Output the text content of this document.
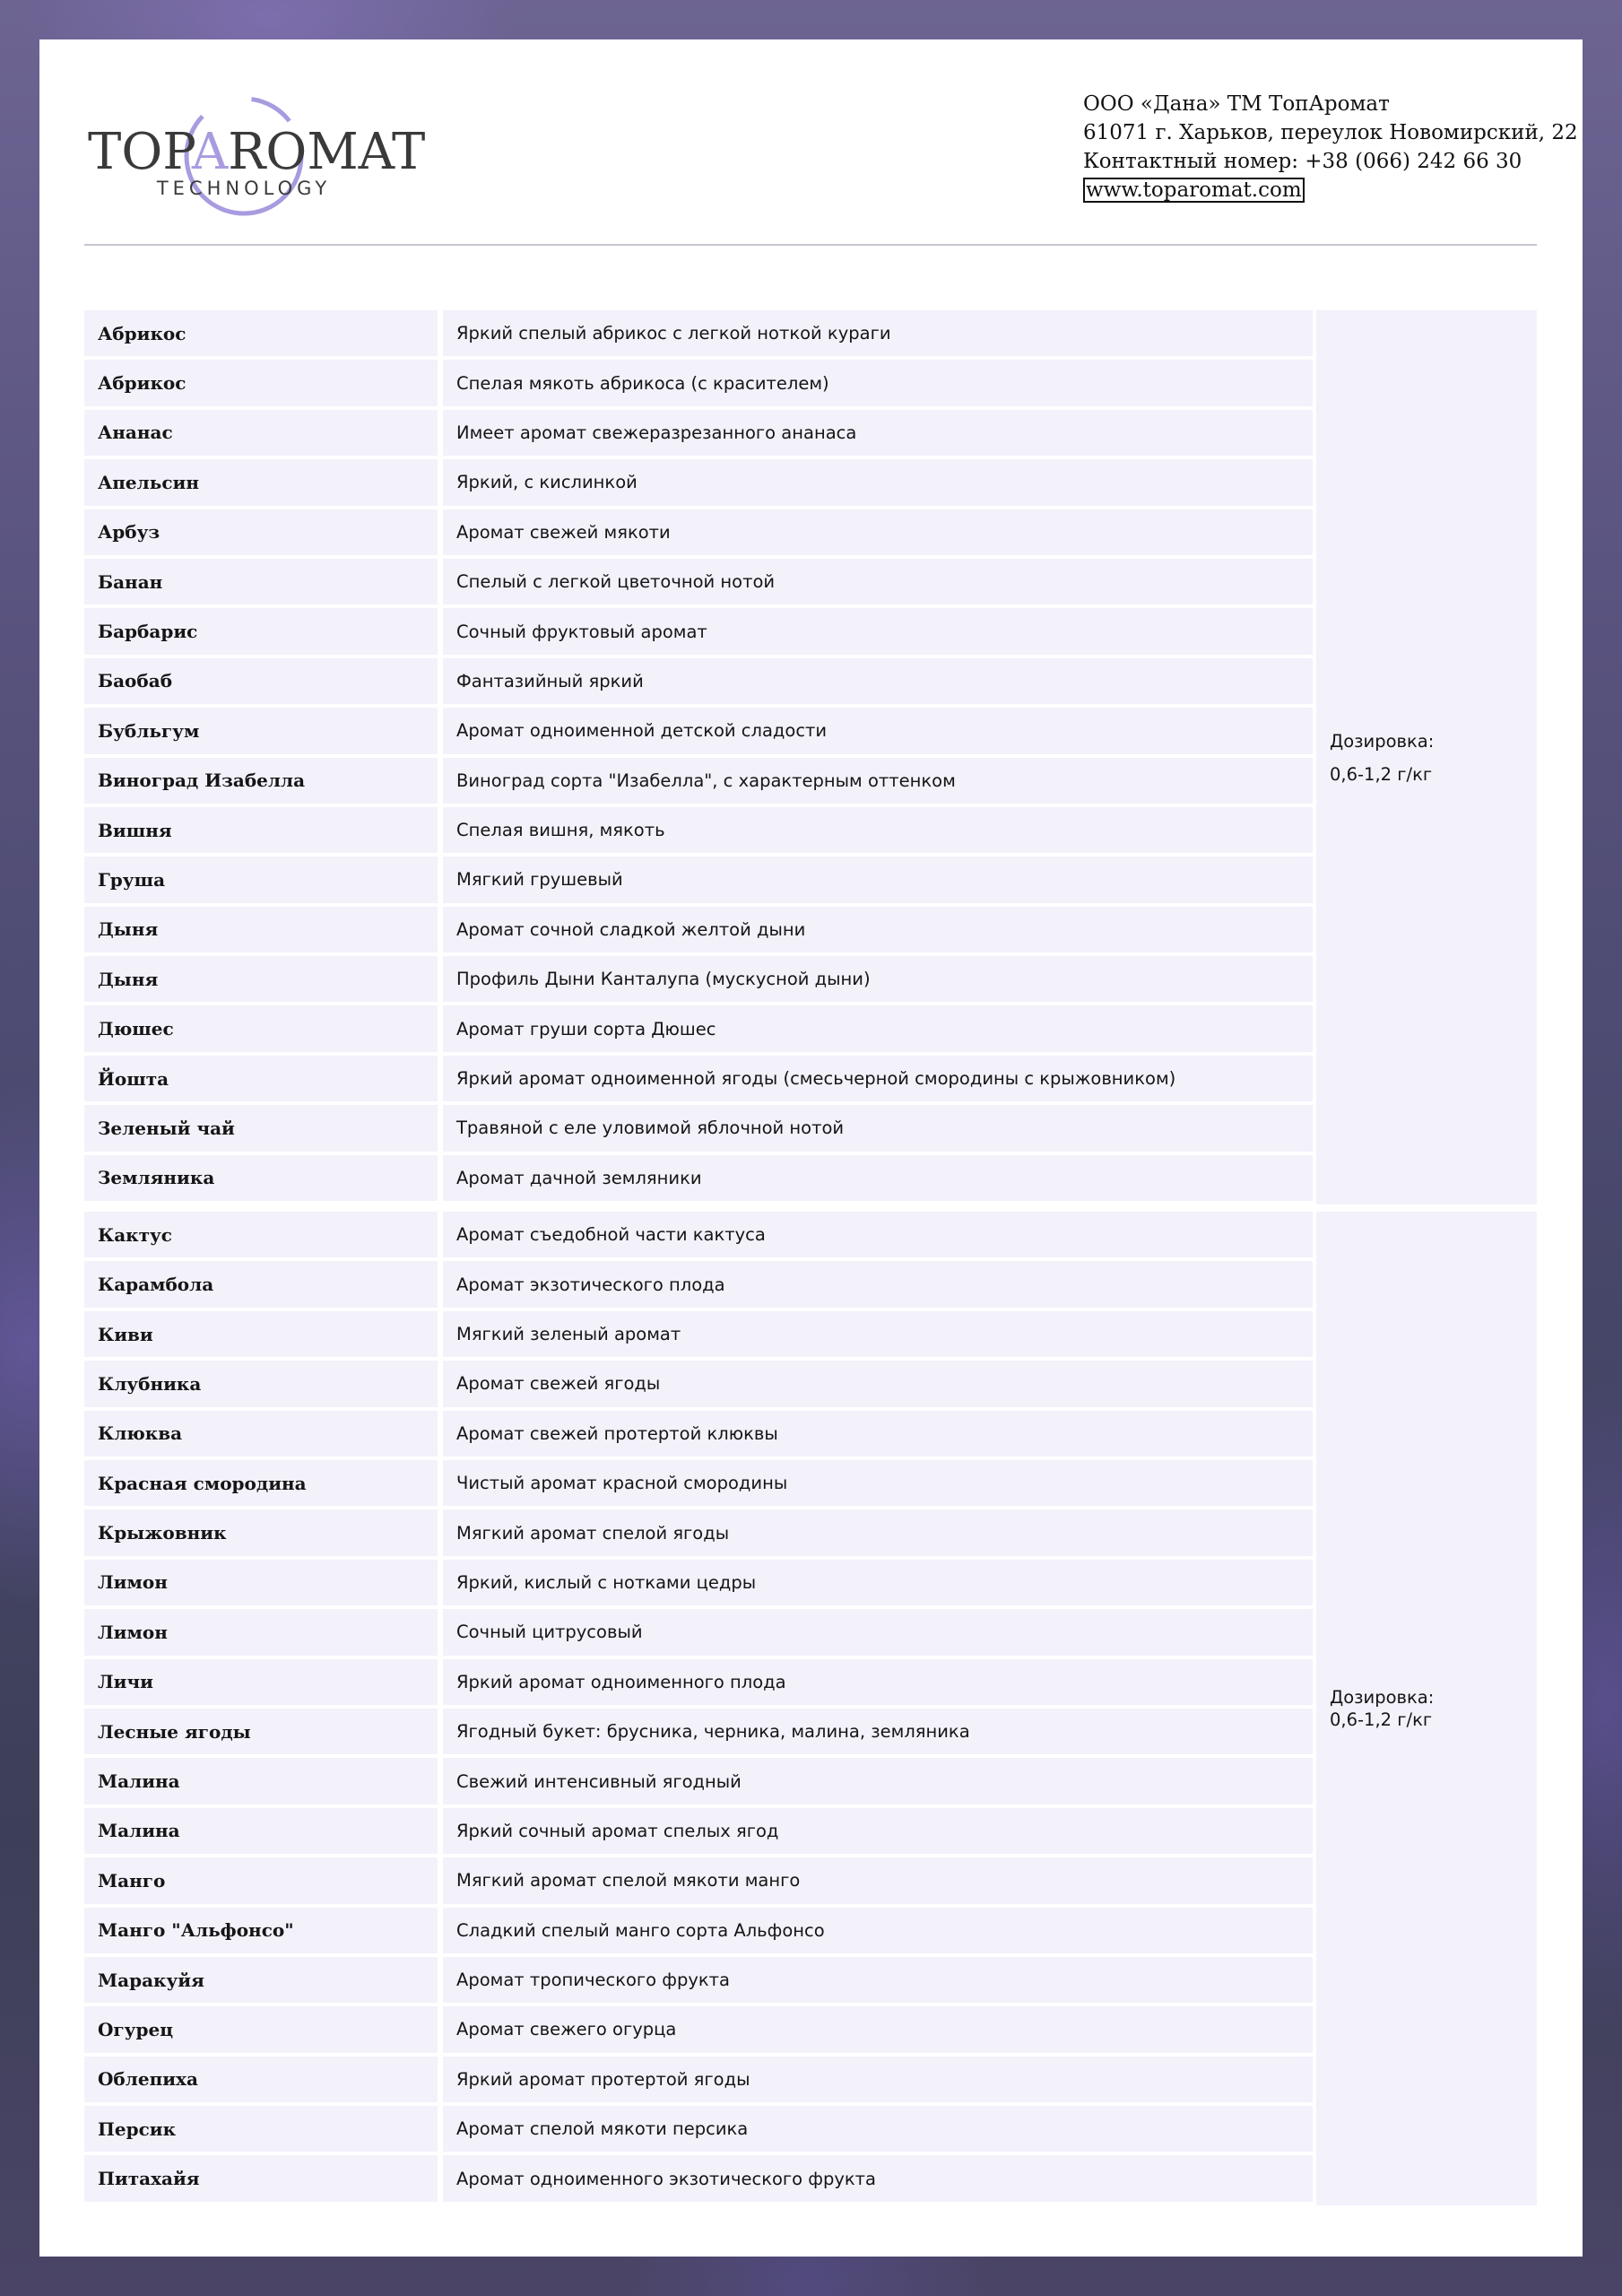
TOPAROMAT
TECHNOLOGY
ООО «Дана» ТМ ТопАромат
61071 г. Харьков, переулок Новомирский, 22
Контактный номер: +38 (066) 242 66 30
www.toparomat.com
Абрикос	Яркий спелый абрикос с легкой ноткой кураги
Абрикос	Спелая мякоть абрикоса (с красителем)
Ананас	Имеет аромат свежеразрезанного ананаса
Апельсин	Яркий, с кислинкой
Арбуз	Аромат свежей мякоти
Банан	Спелый с легкой цветочной нотой
Барбарис	Сочный фруктовый аромат
Баобаб	Фантазийный яркий
Бубльгум	Аромат одноименной детской сладости
Виноград Изабелла	Виноград сорта "Изабелла", с характерным оттенком
Вишня	Спелая вишня, мякоть
Груша	Мягкий грушевый
Дыня	Аромат сочной сладкой желтой дыни
Дыня	Профиль Дыни Канталупа (мускусной дыни)
Дюшес	Аромат груши сорта Дюшес
Йошта	Яркий аромат одноименной ягоды (смесьчерной смородины с крыжовником)
Зеленый чай	Травяной с еле уловимой яблочной нотой
Земляника	Аромат дачной земляники
Дозировка:
0,6-1,2 г/кг
Кактус	Аромат съедобной части кактуса
Карамбола	Аромат экзотического плода
Киви	Мягкий зеленый аромат
Клубника	Аромат свежей ягоды
Клюква	Аромат свежей протертой клюквы
Красная смородина	Чистый аромат красной смородины
Крыжовник	Мягкий аромат спелой ягоды
Лимон	Яркий, кислый с нотками цедры
Лимон	Сочный цитрусовый
Личи	Яркий аромат одноименного плода
Лесные ягоды	Ягодный букет: брусника, черника, малина, земляника
Малина	Свежий интенсивный ягодный
Малина	Яркий сочный аромат спелых ягод
Манго	Мягкий аромат спелой мякоти манго
Манго "Альфонсо"	Сладкий спелый манго сорта Альфонсо
Маракуйя	Аромат тропического фрукта
Огурец	Аромат свежего огурца
Облепиха	Яркий аромат протертой ягоды
Персик	Аромат спелой мякоти персика
Питахайя	Аромат одноименного экзотического фрукта
Дозировка:
0,6-1,2 г/кг
